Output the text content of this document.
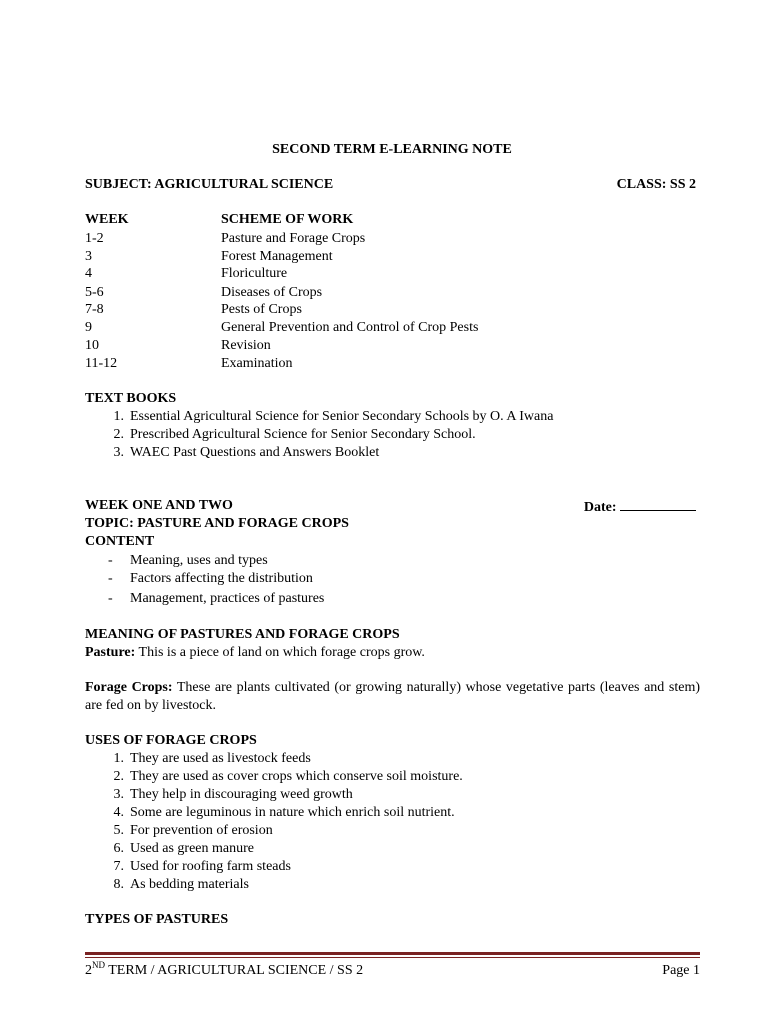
SECOND TERM E-LEARNING NOTE
SUBJECT: AGRICULTURAL SCIENCE	CLASS: SS 2
WEEK	SCHEME OF WORK
1-2	Pasture and Forage Crops
3	Forest Management
4	Floriculture
5-6	Diseases of Crops
7-8	Pests of Crops
9	General Prevention and Control of Crop Pests
10	Revision
11-12	Examination
TEXT BOOKS
1. Essential Agricultural Science for Senior Secondary Schools by O. A Iwana
2. Prescribed Agricultural Science for Senior Secondary School.
3. WAEC Past Questions and Answers Booklet
WEEK ONE AND TWO	Date:
TOPIC: PASTURE AND FORAGE CROPS
CONTENT
- Meaning, uses and types
- Factors affecting the distribution
- Management, practices of pastures
MEANING OF PASTURES AND FORAGE CROPS
Pasture: This is a piece of land on which forage crops grow.
Forage Crops: These are plants cultivated (or growing naturally) whose vegetative parts (leaves and stem) are fed on by livestock.
USES OF FORAGE CROPS
1. They are used as livestock feeds
2. They are used as cover crops which conserve soil moisture.
3. They help in discouraging weed growth
4. Some are leguminous in nature which enrich soil nutrient.
5. For prevention of erosion
6. Used as green manure
7. Used for roofing farm steads
8. As bedding materials
TYPES OF PASTURES
2ND TERM / AGRICULTURAL SCIENCE / SS 2	Page 1
